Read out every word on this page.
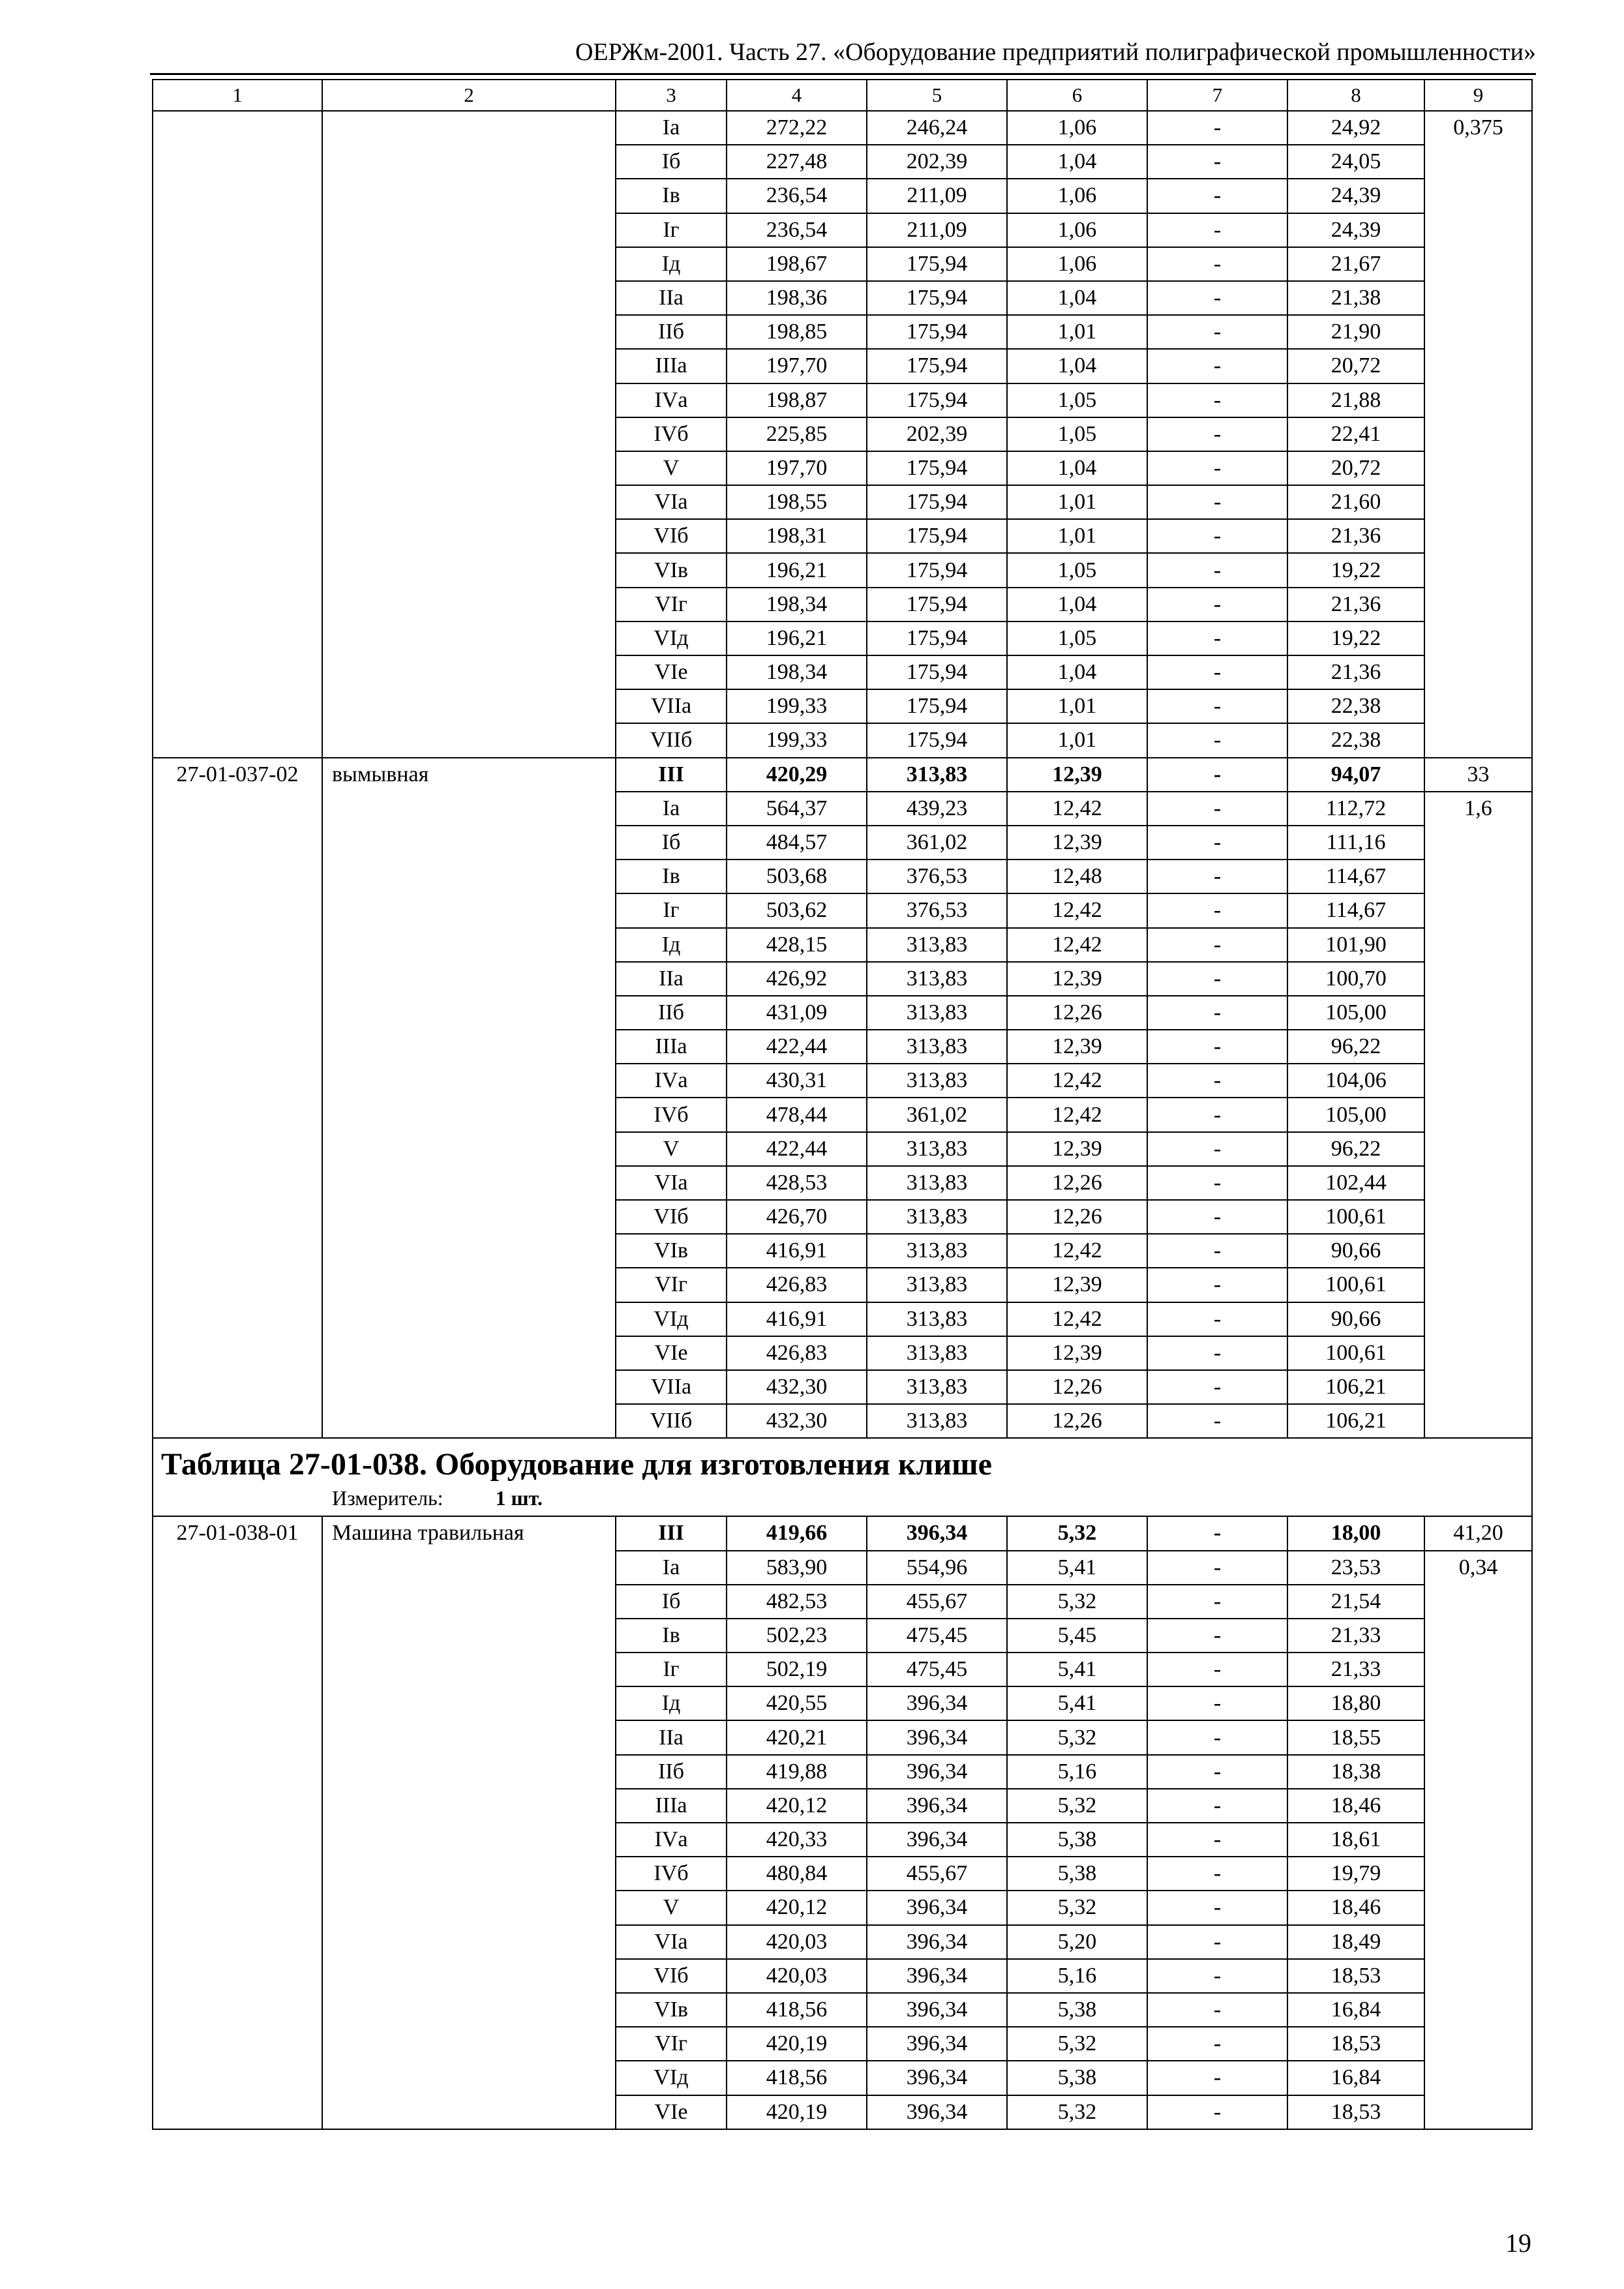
ОЕРЖм-2001. Часть 27. «Оборудование предприятий полиграфической промышленности»
1	2	3	4	5	6	7	8	9
		Iа	272,22	246,24	1,06	-	24,92	0,375
		Iб	227,48	202,39	1,04	-	24,05	
		Iв	236,54	211,09	1,06	-	24,39	
		Iг	236,54	211,09	1,06	-	24,39	
		Iд	198,67	175,94	1,06	-	21,67	
		IIа	198,36	175,94	1,04	-	21,38	
		IIб	198,85	175,94	1,01	-	21,90	
		IIIа	197,70	175,94	1,04	-	20,72	
		IVа	198,87	175,94	1,05	-	21,88	
		IVб	225,85	202,39	1,05	-	22,41	
		V	197,70	175,94	1,04	-	20,72	
		VIа	198,55	175,94	1,01	-	21,60	
		VIб	198,31	175,94	1,01	-	21,36	
		VIв	196,21	175,94	1,05	-	19,22	
		VIг	198,34	175,94	1,04	-	21,36	
		VIд	196,21	175,94	1,05	-	19,22	
		VIе	198,34	175,94	1,04	-	21,36	
		VIIа	199,33	175,94	1,01	-	22,38	
		VIIб	199,33	175,94	1,01	-	22,38	
27-01-037-02	вымывная	III	420,29	313,83	12,39	-	94,07	33
		Iа	564,37	439,23	12,42	-	112,72	1,6
		Iб	484,57	361,02	12,39	-	111,16	
		Iв	503,68	376,53	12,48	-	114,67	
		Iг	503,62	376,53	12,42	-	114,67	
		Iд	428,15	313,83	12,42	-	101,90	
		IIа	426,92	313,83	12,39	-	100,70	
		IIб	431,09	313,83	12,26	-	105,00	
		IIIа	422,44	313,83	12,39	-	96,22	
		IVа	430,31	313,83	12,42	-	104,06	
		IVб	478,44	361,02	12,42	-	105,00	
		V	422,44	313,83	12,39	-	96,22	
		VIа	428,53	313,83	12,26	-	102,44	
		VIб	426,70	313,83	12,26	-	100,61	
		VIв	416,91	313,83	12,42	-	90,66	
		VIг	426,83	313,83	12,39	-	100,61	
		VIд	416,91	313,83	12,42	-	90,66	
		VIе	426,83	313,83	12,39	-	100,61	
		VIIа	432,30	313,83	12,26	-	106,21	
		VIIб	432,30	313,83	12,26	-	106,21	

Таблица 27-01-038. Оборудование для изготовления клише
Измеритель: 1 шт.								

27-01-038-01	Машина травильная	III	419,66	396,34	5,32	-	18,00	41,20
		Iа	583,90	554,96	5,41	-	23,53	0,34
		Iб	482,53	455,67	5,32	-	21,54	
		Iв	502,23	475,45	5,45	-	21,33	
		Iг	502,19	475,45	5,41	-	21,33	
		Iд	420,55	396,34	5,41	-	18,80	
		IIа	420,21	396,34	5,32	-	18,55	
		IIб	419,88	396,34	5,16	-	18,38	
		IIIа	420,12	396,34	5,32	-	18,46	
		IVа	420,33	396,34	5,38	-	18,61	
		IVб	480,84	455,67	5,38	-	19,79	
		V	420,12	396,34	5,32	-	18,46	
		VIа	420,03	396,34	5,20	-	18,49	
		VIб	420,03	396,34	5,16	-	18,53	
		VIв	418,56	396,34	5,38	-	16,84	
		VIг	420,19	396,34	5,32	-	18,53	
		VIд	418,56	396,34	5,38	-	16,84	
		VIе	420,19	396,34	5,32	-	18,53	
19
